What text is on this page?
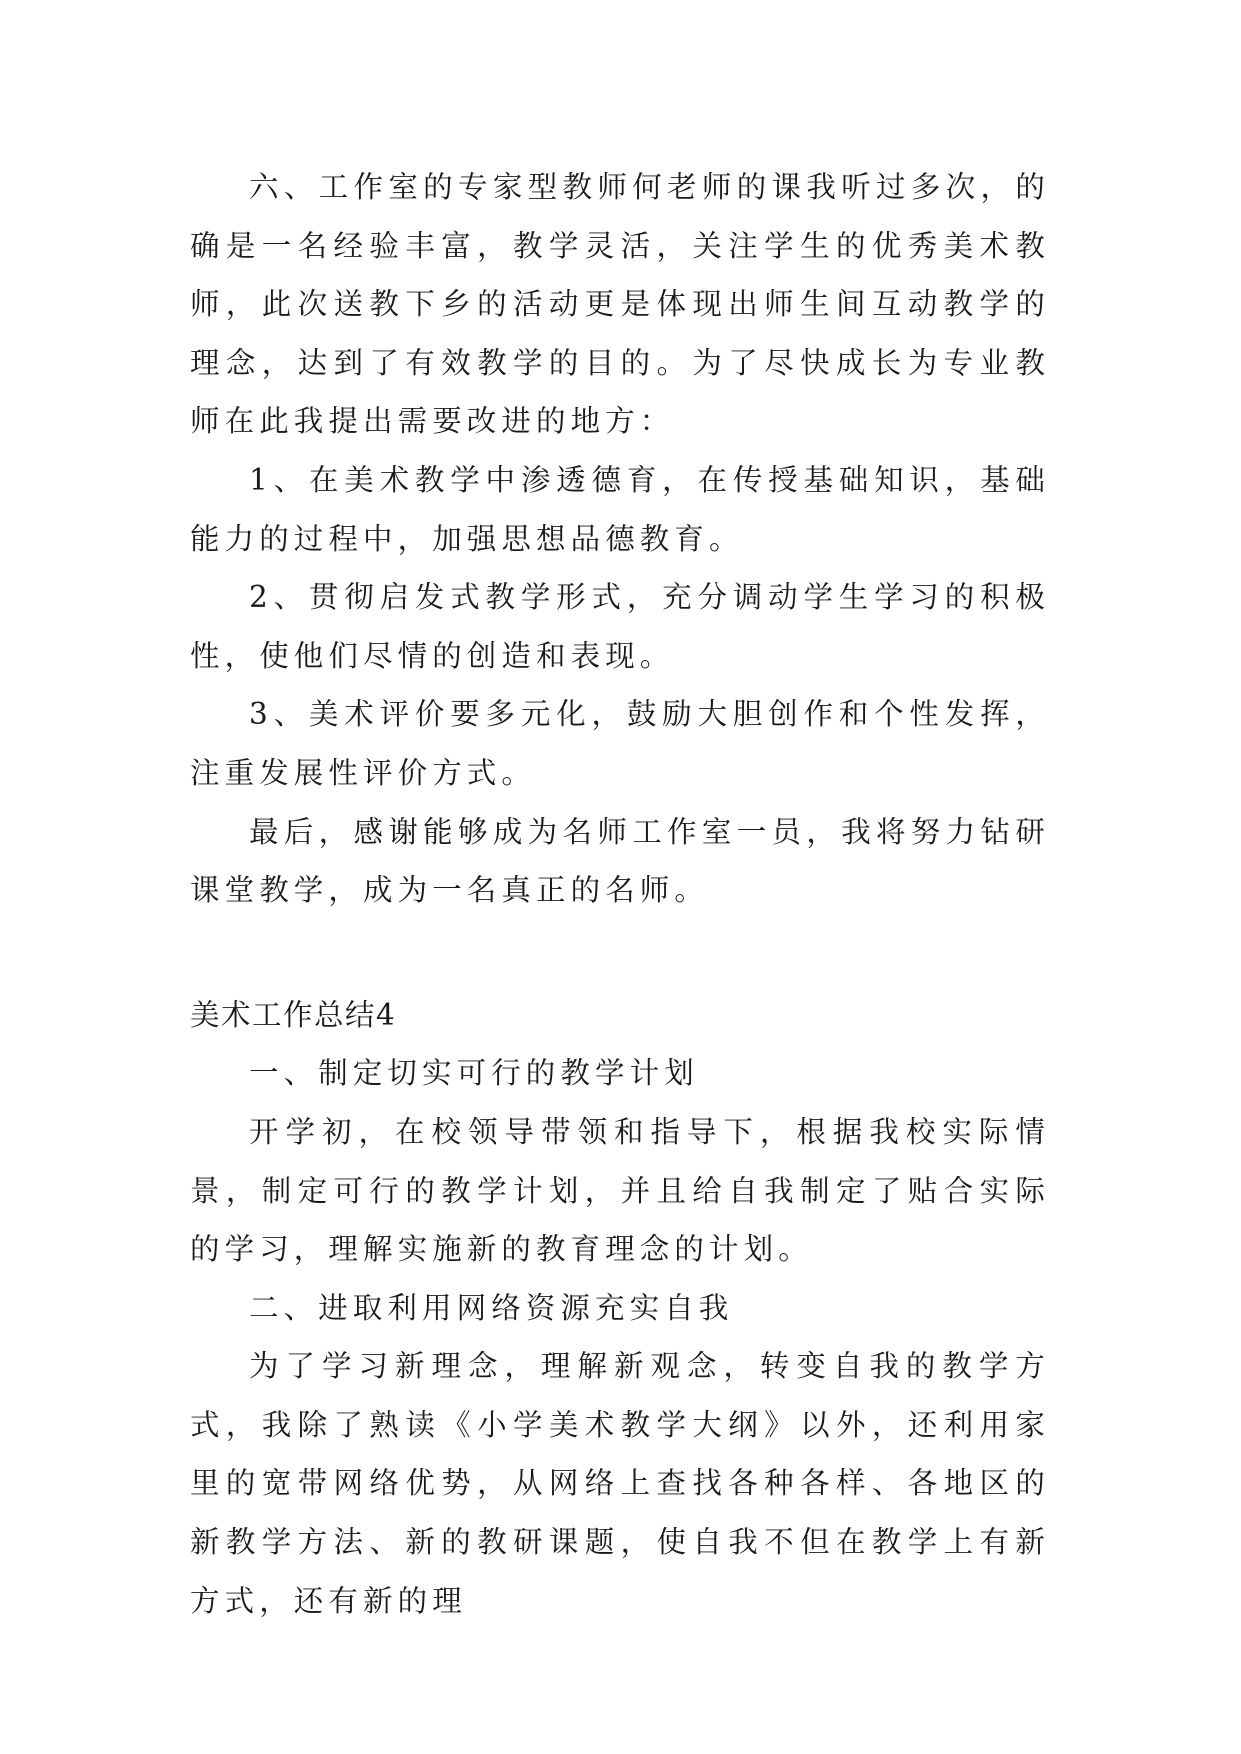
六、工作室的专家型教师何老师的课我听过多次，的确是一名经验丰富，教学灵活，关注学生的优秀美术教师，此次送教下乡的活动更是体现出师生间互动教学的理念，达到了有效教学的目的。为了尽快成长为专业教师在此我提出需要改进的地方：

1、在美术教学中渗透德育，在传授基础知识，基础能力的过程中，加强思想品德教育。

2、贯彻启发式教学形式，充分调动学生学习的积极性，使他们尽情的创造和表现。

3、美术评价要多元化，鼓励大胆创作和个性发挥，注重发展性评价方式。

最后，感谢能够成为名师工作室一员，我将努力钻研课堂教学，成为一名真正的名师。

美术工作总结4

一、制定切实可行的教学计划

开学初，在校领导带领和指导下，根据我校实际情景，制定可行的教学计划，并且给自我制定了贴合实际的学习，理解实施新的教育理念的计划。

二、进取利用网络资源充实自我

为了学习新理念，理解新观念，转变自我的教学方式，我除了熟读《小学美术教学大纲》以外，还利用家里的宽带网络优势，从网络上查找各种各样、各地区的新教学方法、新的教研课题，使自我不但在教学上有新方式，还有新的理
